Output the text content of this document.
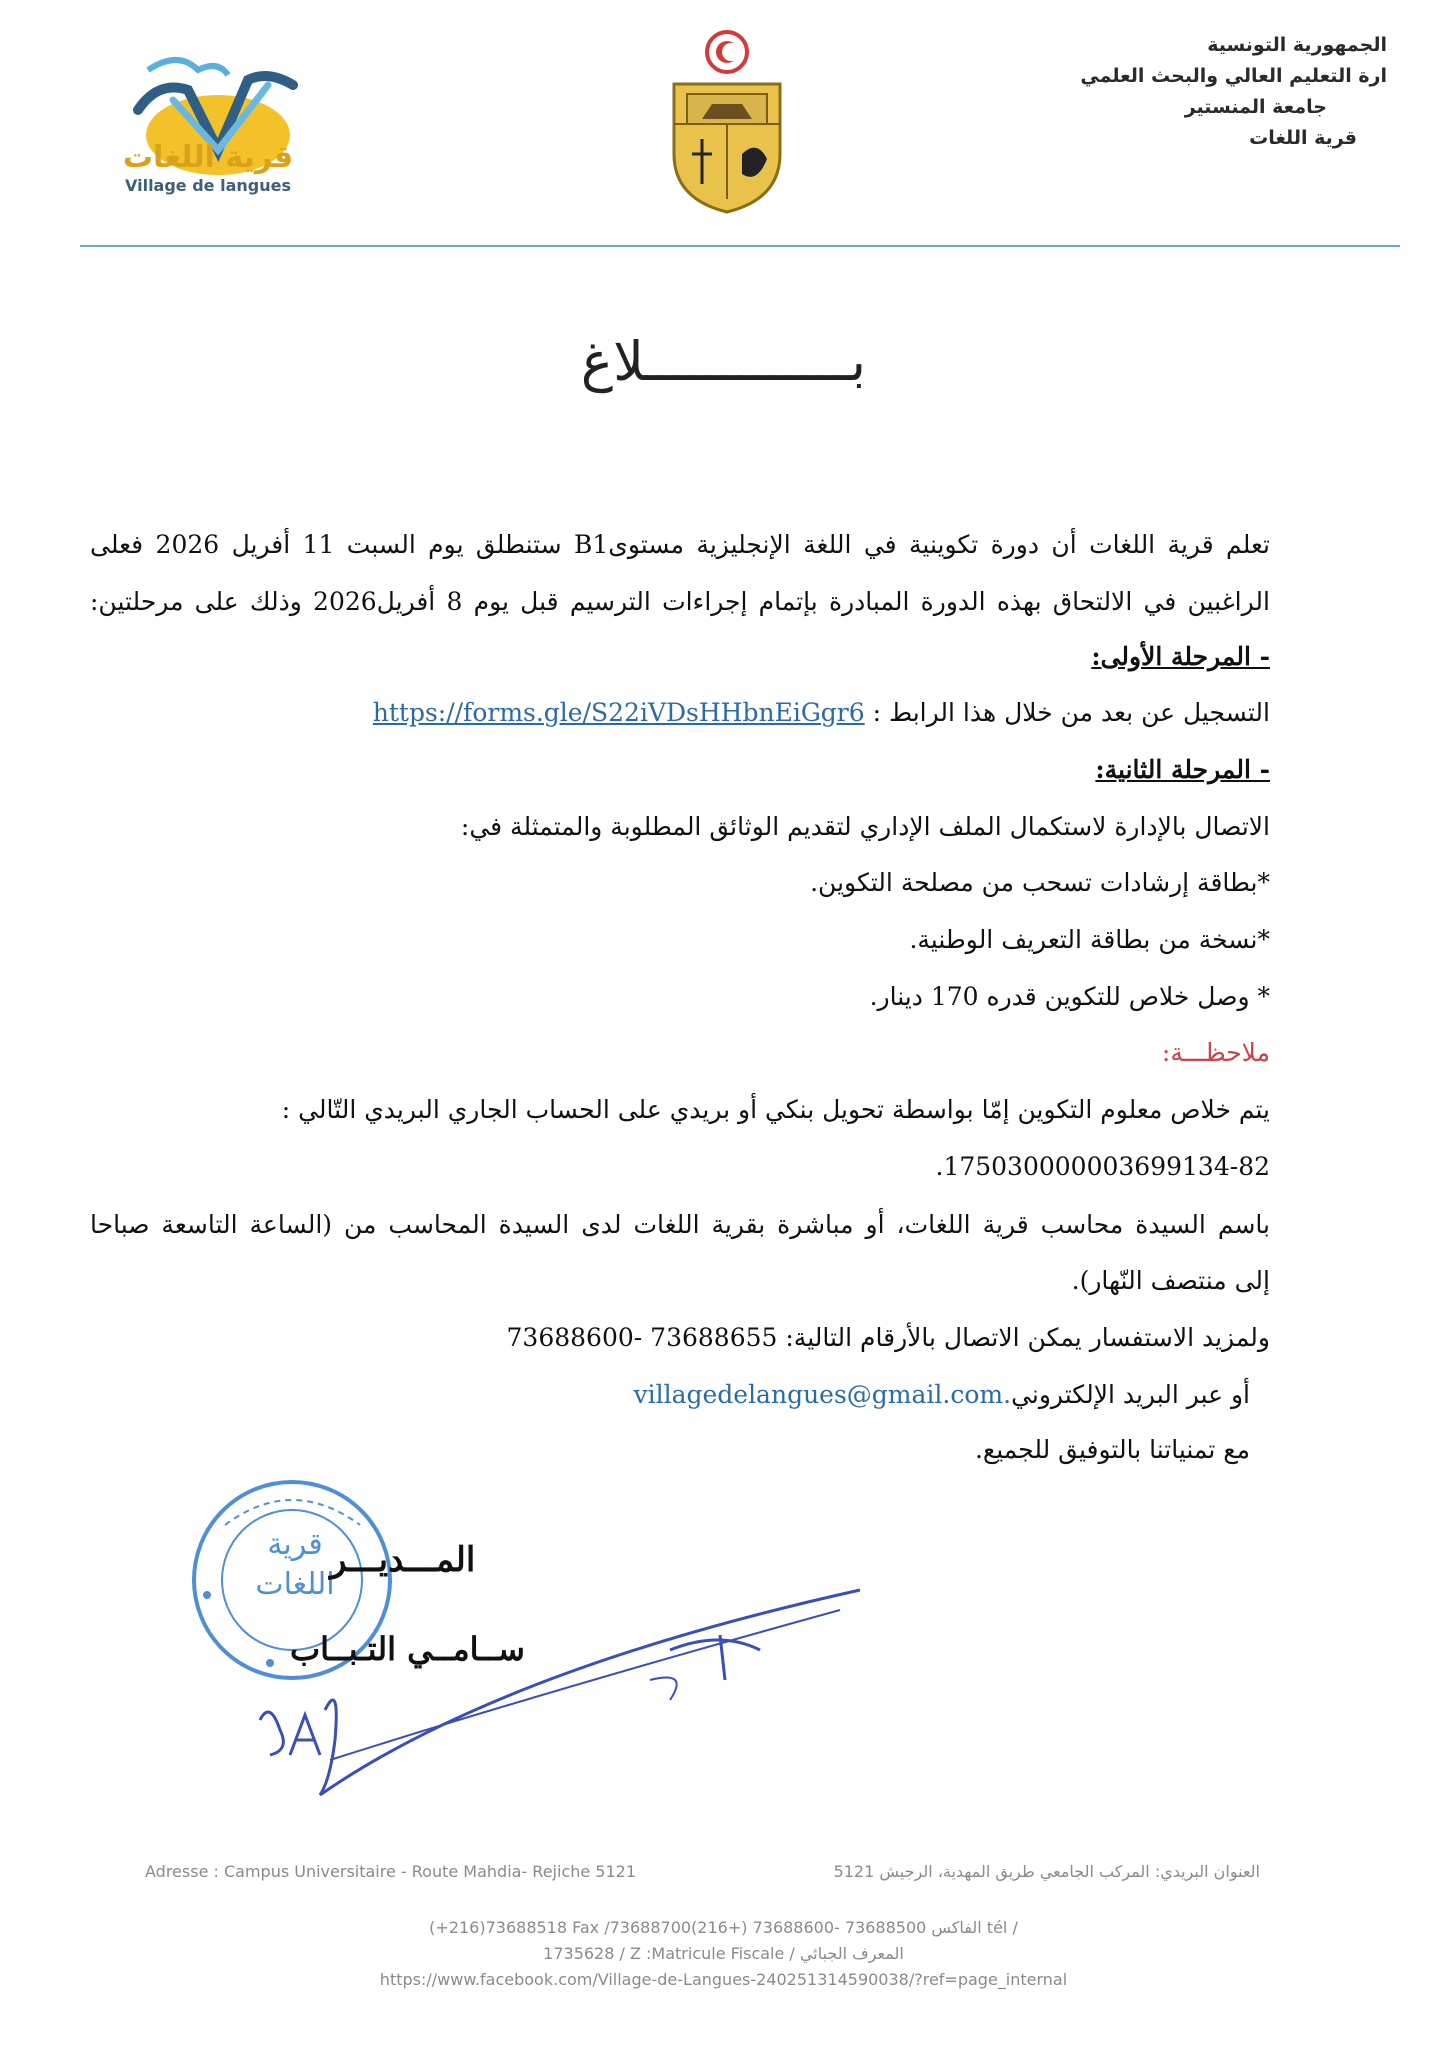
قرية اللغات
Village de langues
الجمهورية التونسية
ارة التعليم العالي والبحث العلمي
جامعة المنستير
قرية اللغات
بـــــــــــــلاغ
تعلم قرية اللغات أن دورة تكوينية في اللغة الإنجليزية مستوىB1 ستنطلق يوم السبت 11 أفريل 2026 فعلى
الراغبين في الالتحاق بهذه الدورة المبادرة بإتمام إجراءات الترسيم قبل يوم 8 أفريل2026 وذلك على مرحلتين:
- المرحلة الأولى:
التسجيل عن بعد من خلال هذا الرابط : https://forms.gle/S22iVDsHHbnEiGgr6
- المرحلة الثانية:
الاتصال بالإدارة لاستكمال الملف الإداري لتقديم الوثائق المطلوبة والمتمثلة في:
*بطاقة إرشادات تسحب من مصلحة التكوين.
*نسخة من بطاقة التعريف الوطنية.
* وصل خلاص للتكوين قدره 170 دينار.
ملاحظـــة:
يتم خلاص معلوم التكوين إمّا بواسطة تحويل بنكي أو بريدي على الحساب الجاري البريدي التّالي :
175030000003699134-82.
باسم السيدة محاسب قرية اللغات، أو مباشرة بقرية اللغات لدى السيدة المحاسب من (الساعة التاسعة صباحا
إلى منتصف النّهار).
ولمزيد الاستفسار يمكن الاتصال بالأرقام التالية: 73688655 -73688600
أو عبر البريد الإلكترونيvillagedelangues@gmail.com.
مع تمنياتنا بالتوفيق للجميع.
قرية اللغات
المـــديـــر
ســامــي التـبــاب
Adresse : Campus Universitaire - Route Mahdia- Rejiche 5121	العنوان البريدي: المركب الجامعي طريق المهدية، الرجيش 5121
(+216)73688518 Fax /الفاكس 73688500 -73688600 (+216)73688700 tél /
1735628 / Z :Matricule Fiscale / المعرف الجبائي
https://www.facebook.com/Village-de-Langues-240251314590038/?ref=page_internal
